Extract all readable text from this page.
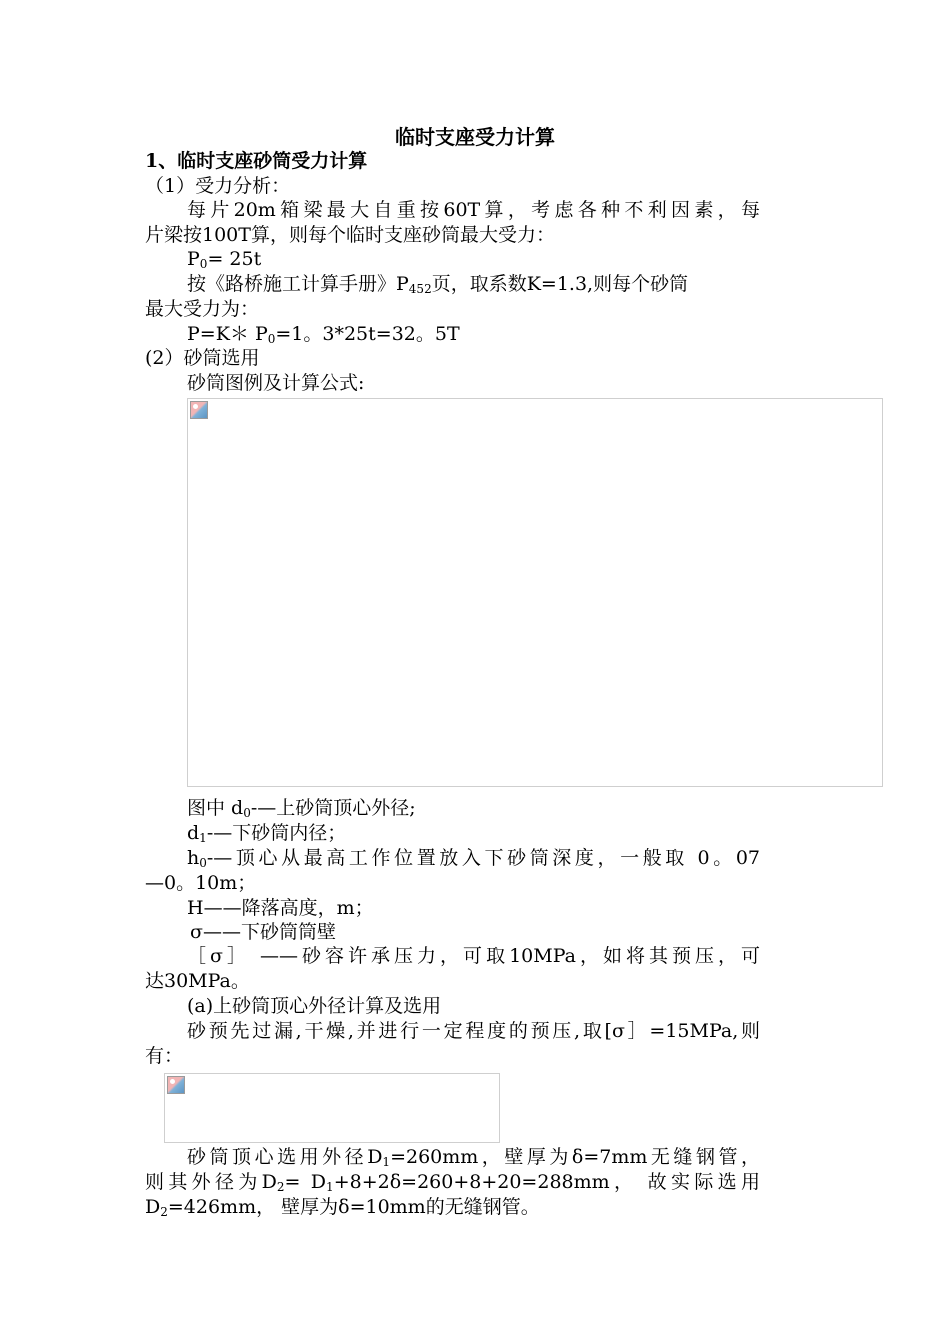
临时支座受力计算
1、临时支座砂筒受力计算
（1）受力分析：
每片20m箱梁最大自重按60T算，考虑各种不利因素，每
片梁按100T算，则每个临时支座砂筒最大受力：
$P_0= 25t$
按《路桥施工计算手册》$P_{452}$页，取系数K=1.3,则每个砂筒
最大受力为：
P=K＊ $P_0=1$。3*25t=32。5T
(2）砂筒选用
砂筒图例及计算公式:
图中 $d_0-—$上砂筒顶心外径;
$d_1-—$下砂筒内径；
$h_0-—$顶心从最高工作位置放入下砂筒深度，一般取 0。07
—0。10m；
H——降落高度，m；
σ——下砂筒筒壁
［σ］ ——砂容许承压力，可取10MPa，如将其预压，可
达30MPa。
(a)上砂筒顶心外径计算及选用
砂预先过漏,干燥,并进行一定程度的预压,取[σ］=15MPa,则
有：
砂筒顶心选用外径$D_1=260mm$，壁厚为δ=7mm无缝钢管，
则其外径为$D_2= D_1+8+2\delta=260+8+20=288mm$， 故实际选用
$D_2=426mm$， 壁厚为δ=10mm的无缝钢管。
